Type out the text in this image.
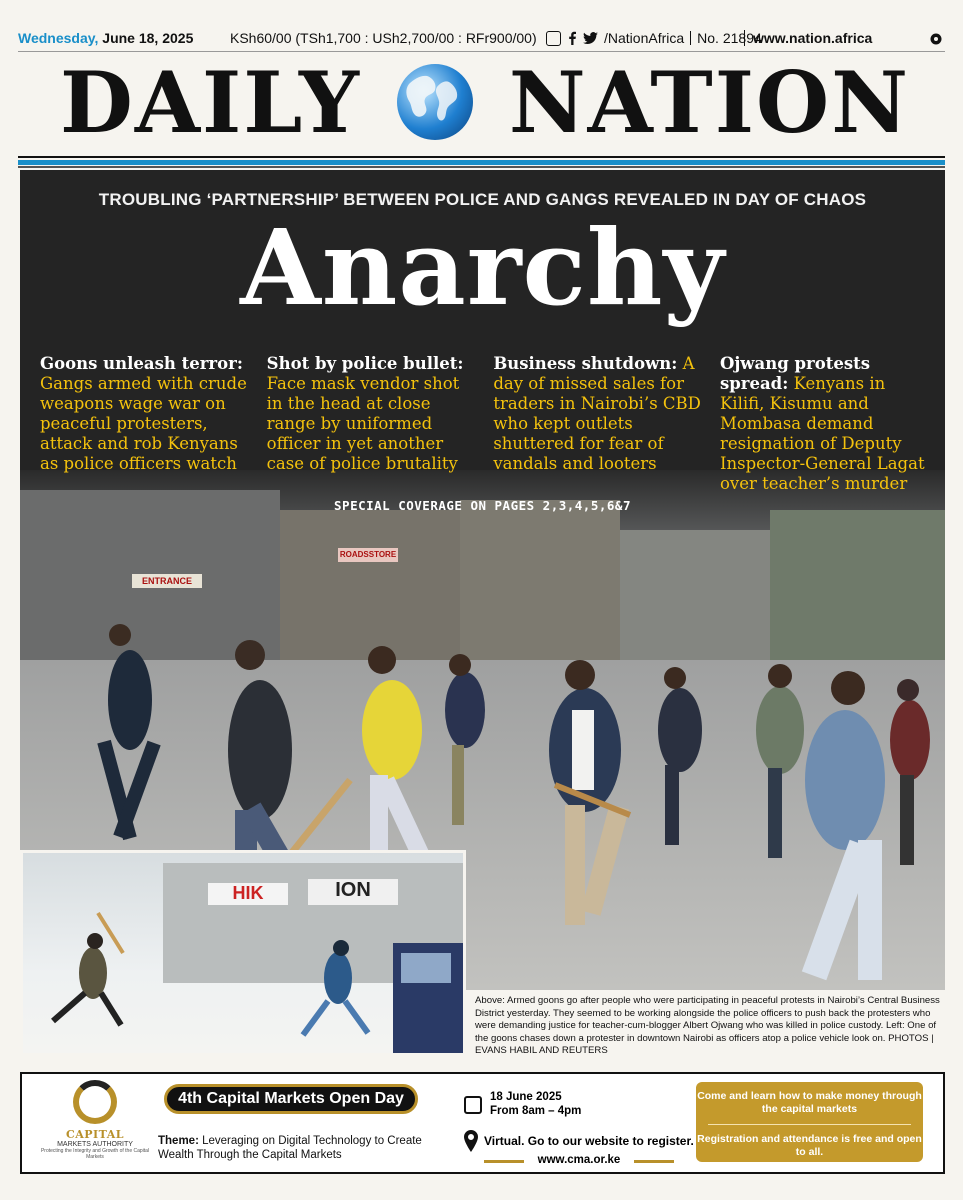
Wednesday, June 18, 2025	KSh60/00 (TSh1,700 : USh2,700/00 : RFr900/00)	/NationAfrica No. 21894
www.nation.africa
DAILY NATION
ENTRANCE
ROADSSTORE
TROUBLING ‘PARTNERSHIP’ BETWEEN POLICE AND GANGS REVEALED IN DAY OF CHAOS
Anarchy
Goons unleash terror: Gangs armed with crude weapons wage war on peaceful protesters, attack and rob Kenyans as police officers watch
Shot by police bullet: Face mask vendor shot in the head at close range by uniformed officer in yet another case of police brutality
Business shutdown: A day of missed sales for traders in Nairobi’s CBD who kept outlets shuttered for fear of vandals and looters
Ojwang protests spread: Kenyans in Kilifi, Kisumu and Mombasa demand resignation of Deputy Inspector-General Lagat over teacher’s murder
SPECIAL COVERAGE ON PAGES 2,3,4,5,6&7
HIK	ION
Above: Armed goons go after people who were participating in peaceful protests in Nairobi’s Central Business District yesterday. They seemed to be working alongside the police officers to push back the protesters who were demanding justice for teacher-cum-blogger Albert Ojwang who was killed in police custody. Left: One of the goons chases down a protester in downtown Nairobi as officers atop a police vehicle look on. PHOTOS | EVANS HABIL AND REUTERS
CAPITAL
MARKETS AUTHORITY
Protecting the Integrity and Growth of the Capital Markets
4th Capital Markets Open Day
Theme: Leveraging on Digital Technology to Create Wealth Through the Capital Markets
18 June 2025
From 8am – 4pm
Virtual. Go to our website to register.
www.cma.or.ke
Come and learn how to make money through the capital markets
Registration and attendance is free and open to all.
